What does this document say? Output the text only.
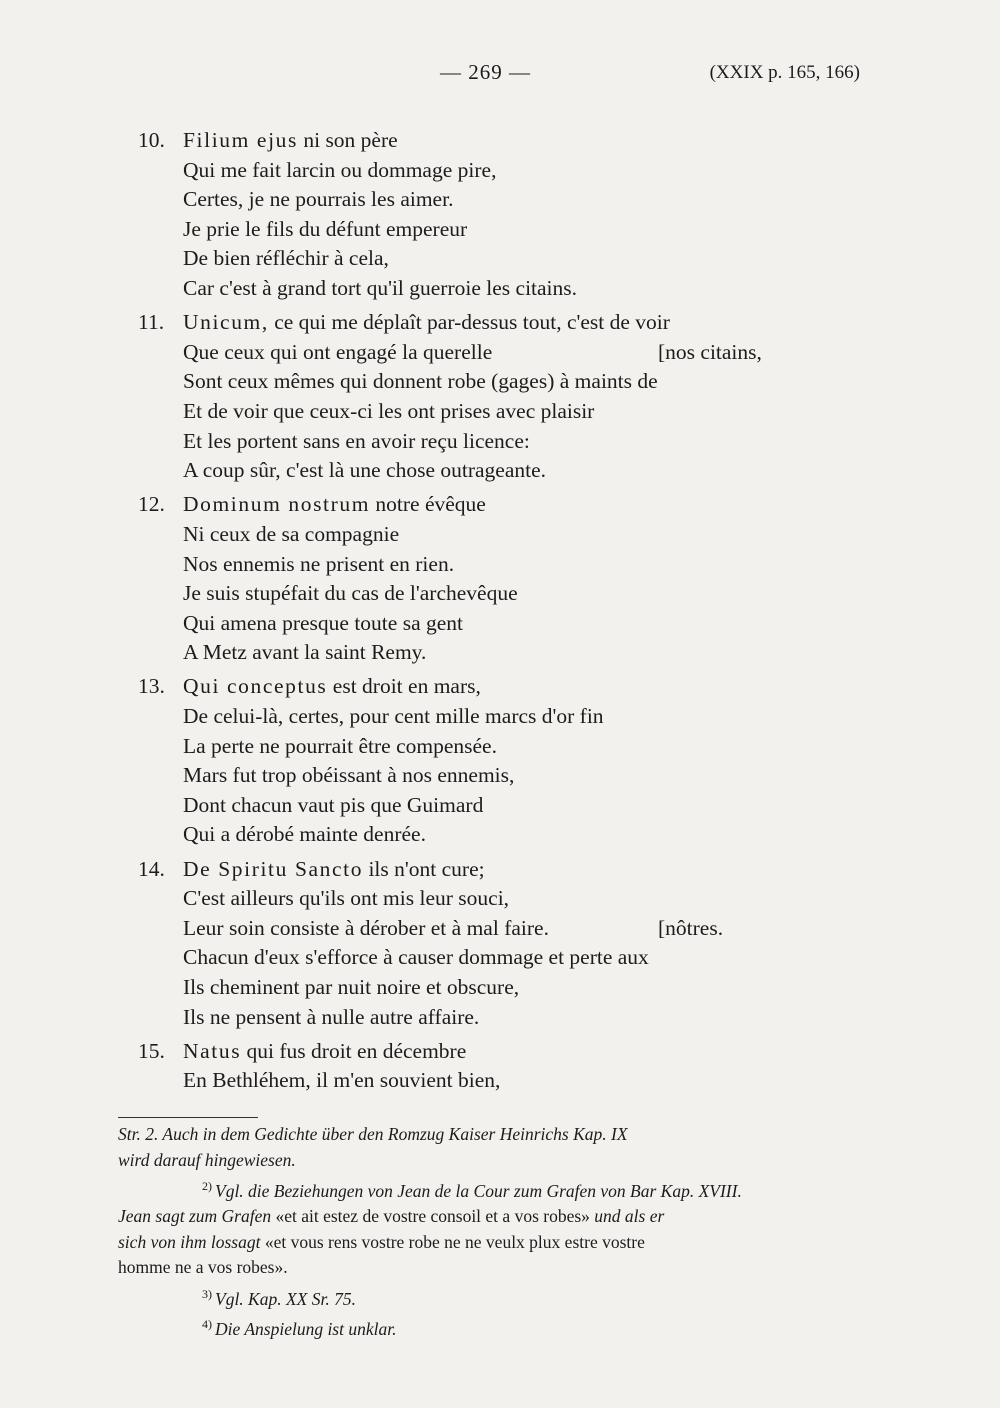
— 269 —	(XXIX p. 165, 166)
10. Filium ejus ni son père
Qui me fait larcin ou dommage pire,
Certes, je ne pourrais les aimer.
Je prie le fils du défunt empereur
De bien réfléchir à cela,
Car c'est à grand tort qu'il guerroie les citains.
11. Unicum, ce qui me déplaît par-dessus tout, c'est de voir
Que ceux qui ont engagé la querelle	[nos citains,
Sont ceux mêmes qui donnent robe (gages) à maints de
Et de voir que ceux-ci les ont prises avec plaisir
Et les portent sans en avoir reçu licence:
A coup sûr, c'est là une chose outrageante.
12. Dominum nostrum notre évêque
Ni ceux de sa compagnie
Nos ennemis ne prisent en rien.
Je suis stupéfait du cas de l'archevêque
Qui amena presque toute sa gent
A Metz avant la saint Remy.
13. Qui conceptus est droit en mars,
De celui-là, certes, pour cent mille marcs d'or fin
La perte ne pourrait être compensée.
Mars fut trop obéissant à nos ennemis,
Dont chacun vaut pis que Guimard
Qui a dérobé mainte denrée.
14. De Spiritu Sancto ils n'ont cure;
C'est ailleurs qu'ils ont mis leur souci,
Leur soin consiste à dérober et à mal faire.	[nôtres.
Chacun d'eux s'efforce à causer dommage et perte aux
Ils cheminent par nuit noire et obscure,
Ils ne pensent à nulle autre affaire.
15. Natus qui fus droit en décembre
En Bethléhem, il m'en souvient bien,
Str. 2. Auch in dem Gedichte über den Romzug Kaiser Heinrichs Kap. IX
wird darauf hingewiesen.
$^{2)}$ Vgl. die Beziehungen von Jean de la Cour zum Grafen von Bar Kap. XVIII.
Jean sagt zum Grafen «et ait estez de vostre consoil et a vos robes» und als er
sich von ihm lossagt «et vous rens vostre robe ne ne veulx plux estre vostre
homme ne a vos robes».
$^{3)}$ Vgl. Kap. XX Sr. 75.
$^{4)}$ Die Anspielung ist unklar.
